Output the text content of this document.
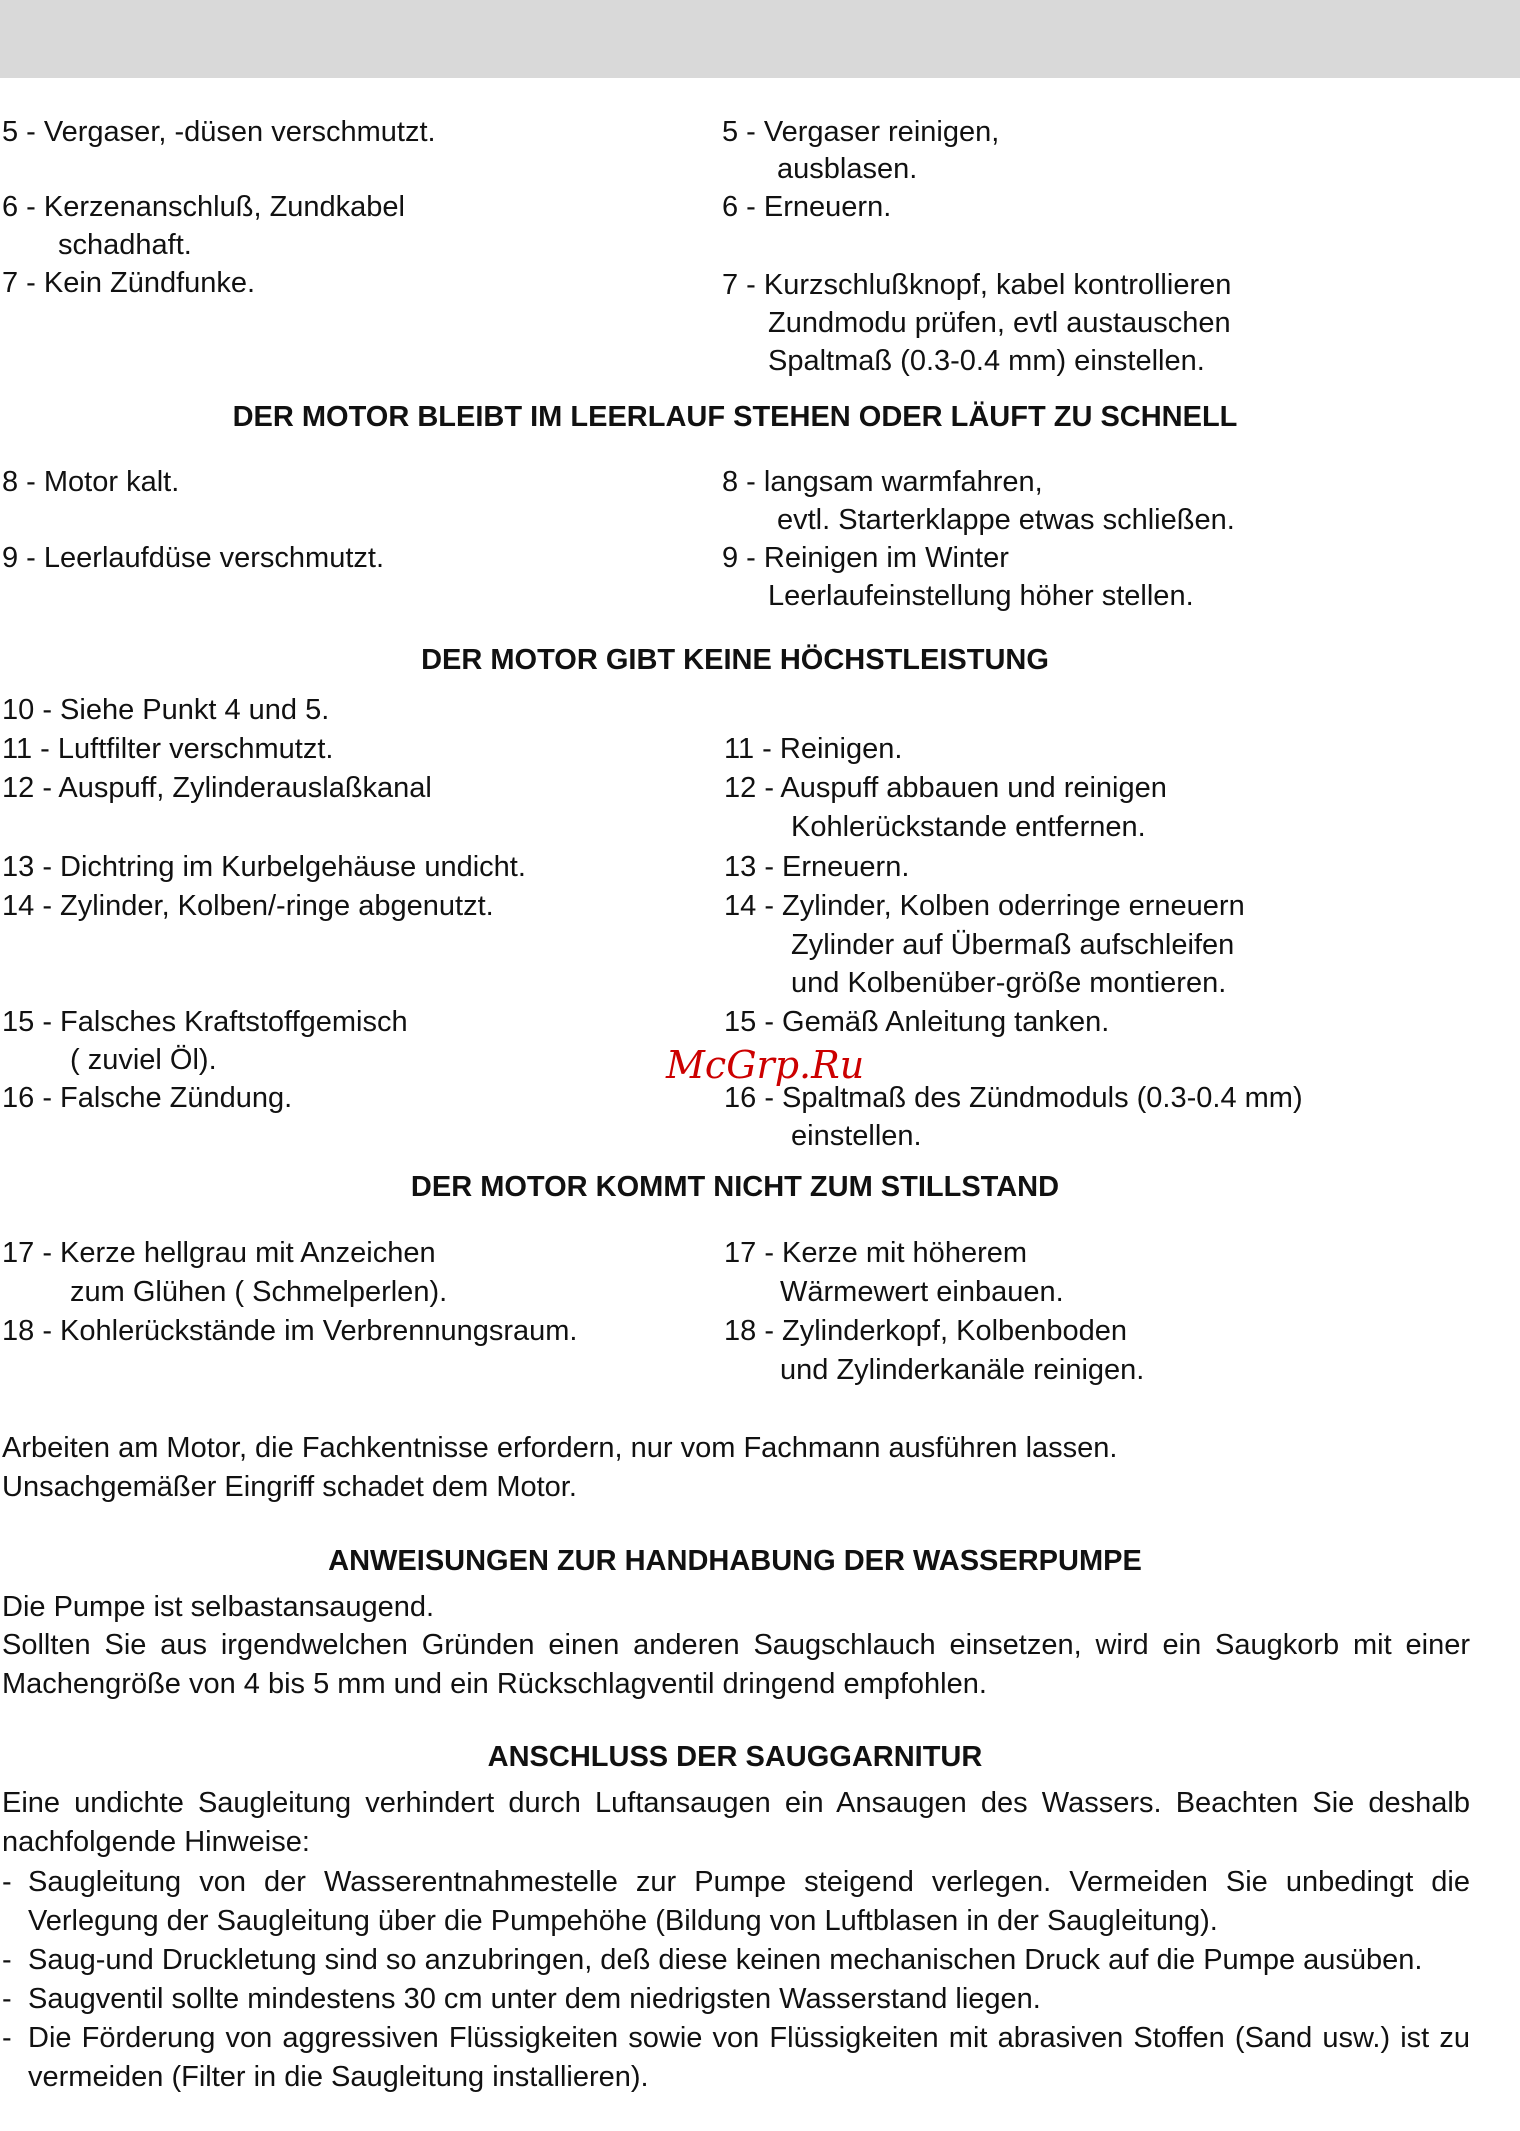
5 - Vergaser, -düsen verschmutzt.	5 - Vergaser reinigen,
ausblasen.
6 - Kerzenanschluß, Zundkabel
schadhaft.
6 - Erneuern.
7 - Kein Zündfunke.	7 - Kurzschlußknopf, kabel kontrollieren
Zundmodu prüfen, evtl austauschen
Spaltmaß (0.3-0.4 mm) einstellen.
DER MOTOR BLEIBT IM LEERLAUF STEHEN ODER LÄUFT ZU SCHNELL
8 - Motor kalt.	8 - langsam warmfahren,
evtl. Starterklappe etwas schließen.
9 - Leerlaufdüse verschmutzt.	9 - Reinigen im Winter
Leerlaufeinstellung höher stellen.
DER MOTOR GIBT KEINE HÖCHSTLEISTUNG
10 - Siehe Punkt 4 und 5.
11 - Luftfilter verschmutzt.	11 - Reinigen.
12 - Auspuff, Zylinderauslaßkanal	12 - Auspuff abbauen und reinigen
Kohlerückstande entfernen.
13 - Dichtring im Kurbelgehäuse undicht.	13 - Erneuern.
14 - Zylinder, Kolben/-ringe abgenutzt.	14 - Zylinder, Kolben oderringe erneuern
Zylinder auf Übermaß aufschleifen
und Kolbenüber-größe montieren.
15 - Falsches Kraftstoffgemisch
( zuviel Öl).
15 - Gemäß Anleitung tanken.
16 - Falsche Zündung.	16 - Spaltmaß des Zündmoduls (0.3-0.4 mm)
einstellen.
McGrp.Ru
DER MOTOR KOMMT NICHT ZUM STILLSTAND
17 - Kerze hellgrau mit Anzeichen
zum Glühen ( Schmelperlen).
17 - Kerze mit höherem
Wärmewert einbauen.
18 - Kohlerückstände im Verbrennungsraum.	18 - Zylinderkopf, Kolbenboden
und Zylinderkanäle reinigen.
Arbeiten am Motor, die Fachkentnisse erfordern, nur vom Fachmann ausführen lassen.
Unsachgemäßer Eingriff schadet dem Motor.
ANWEISUNGEN ZUR HANDHABUNG DER WASSERPUMPE
Die Pumpe ist selbastansaugend.
Sollten Sie aus irgendwelchen Gründen einen anderen Saugschlauch einsetzen, wird ein Saugkorb mit einer Machengröße von 4 bis 5 mm und ein Rückschlagventil dringend empfohlen.
ANSCHLUSS DER SAUGGARNITUR
Eine undichte Saugleitung verhindert durch Luftansaugen ein Ansaugen des Wassers. Beachten Sie deshalb nachfolgende Hinweise:
- Saugleitung von der Wasserentnahmestelle zur Pumpe steigend verlegen. Vermeiden Sie unbedingt die Verlegung der Saugleitung über die Pumpehöhe (Bildung von Luftblasen in der Saugleitung).
- Saug-und Druckletung sind so anzubringen, deß diese keinen mechanischen Druck auf die Pumpe ausüben.
- Saugventil sollte mindestens 30 cm unter dem niedrigsten Wasserstand liegen.
- Die Förderung von aggressiven Flüssigkeiten sowie von Flüssigkeiten mit abrasiven Stoffen (Sand usw.) ist zu vermeiden (Filter in die Saugleitung installieren).
